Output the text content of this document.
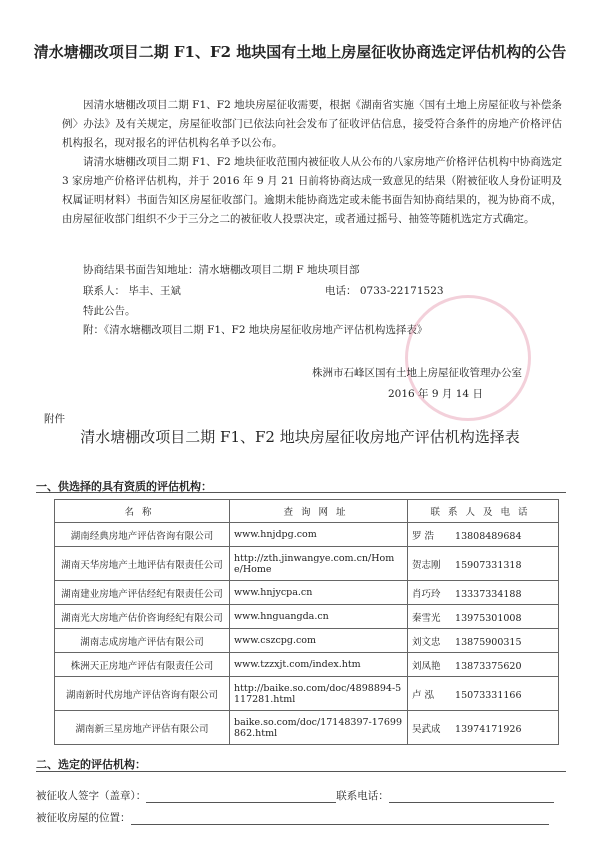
清水塘棚改项目二期 F1、F2 地块国有土地上房屋征收协商选定评估机构的公告
因清水塘棚改项目二期 F1、F2 地块房屋征收需要，根据《湖南省实施〈国有土地上房屋征收与补偿条例〉办法》及有关规定，房屋征收部门已依法向社会发布了征收评估信息，接受符合条件的房地产价格评估机构报名，现对报名的评估机构名单予以公布。
请清水塘棚改项目二期 F1、F2 地块征收范围内被征收人从公布的八家房地产价格评估机构中协商选定 3 家房地产价格评估机构，并于 2016 年 9 月 21 日前将协商达成一致意见的结果（附被征收人身份证明及权属证明材料）书面告知区房屋征收部门。逾期未能协商选定或未能书面告知协商结果的，视为协商不成，由房屋征收部门组织不少于三分之二的被征收人投票决定，或者通过摇号、抽签等随机选定方式确定。
协商结果书面告知地址：清水塘棚改项目二期 F 地块项目部
联系人： 毕丰、王斌	电话： 0733-22171523
特此公告。
附：《清水塘棚改项目二期 F1、F2 地块房屋征收房地产评估机构选择表》
株洲市石峰区国有土地上房屋征收管理办公室
2016 年 9 月 14 日
附件
清水塘棚改项目二期 F1、F2 地块房屋征收房地产评估机构选择表
一、供选择的具有资质的评估机构：
名称	查询网址	联系人及电话
湖南经典房地产评估咨询有限公司	www.hnjdpg.com	罗 浩 13808489684
湖南天华房地产土地评估有限责任公司	http://zth.jinwangye.com.cn/Home/Home	贺志刚 15907331318
湖南建业房地产评估经纪有限责任公司	www.hnjycpa.cn	肖巧玲 13337334188
湖南光大房地产估价咨询经纪有限公司	www.hnguangda.cn	秦雪光 13975301008
湖南志成房地产评估有限公司	www.cszcpg.com	刘文忠 13875900315
株洲天正房地产评估有限责任公司	www.tzzxjt.com/index.htm	刘凤艳 13873375620
湖南新时代房地产评估咨询有限公司	http://baike.so.com/doc/4898894-5117281.html	卢 泓 15073331166
湖南新三星房地产评估有限公司	baike.so.com/doc/17148397-17699862.html	吴武成 13974171926
二、选定的评估机构：
被征收人签字（盖章）：	联系电话：
被征收房屋的位置：
